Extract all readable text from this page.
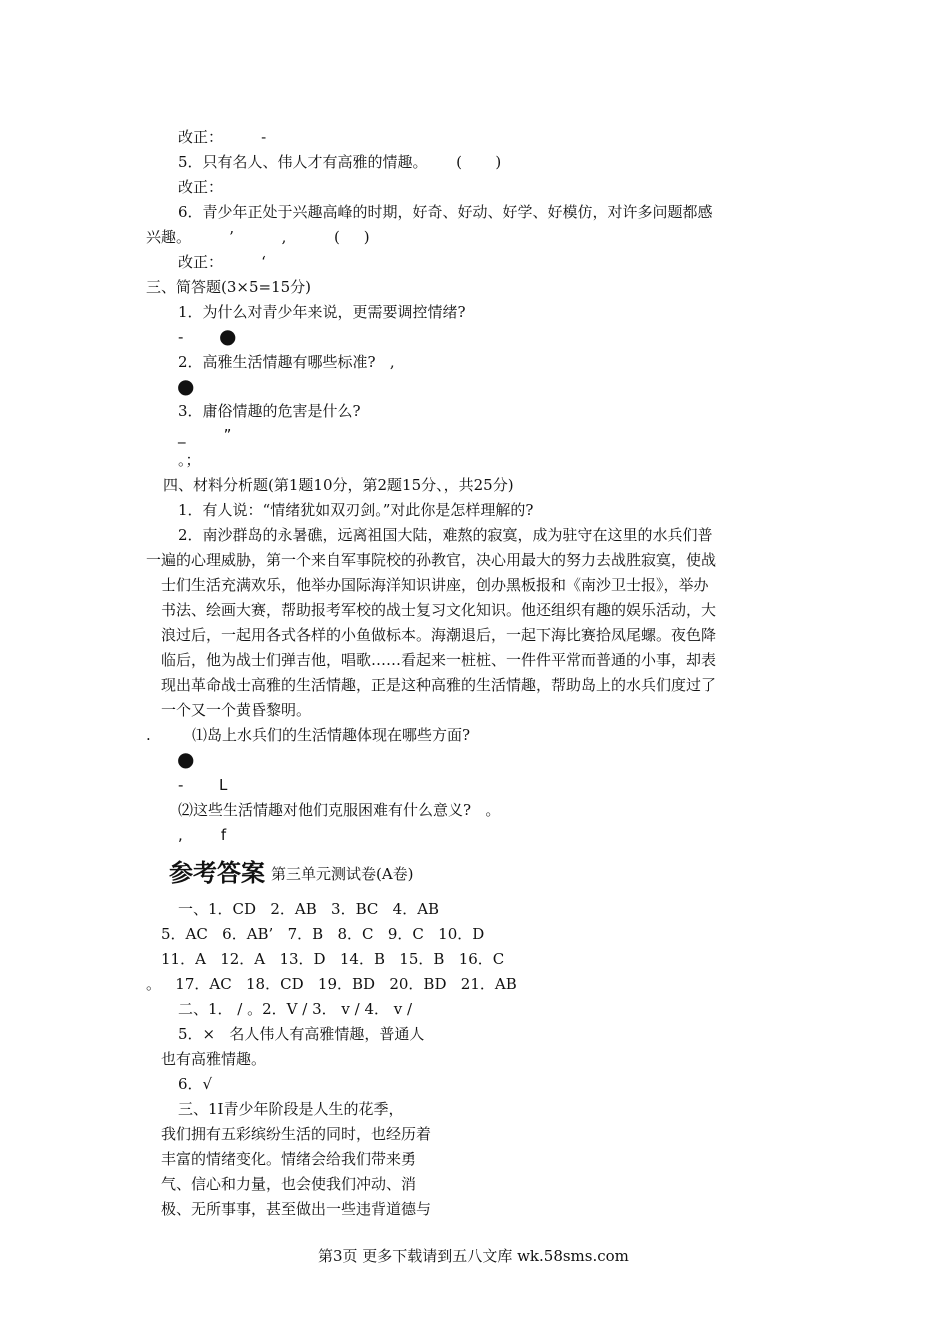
改正：        -
5．只有名人、伟人才有高雅的情趣。      (       )
改正：
6．青少年正处于兴趣高峰的时期，好奇、好动、好学、好模仿，对许多问题都感
兴趣。        ’          ,          (     )
改正：        ‘
三、简答题(3×5=15分)
1．为什么对青少年来说，更需要调控情绪?
- ●
2．高雅生活情趣有哪些标准?   ,
●
3．庸俗情趣的危害是什么?
_        ”
。；
四、材料分析题(第1题10分，第2题15分、，共25分)
1．有人说：“情绪犹如双刃剑。”对此你是怎样理解的?
2．南沙群岛的永暑礁，远离祖国大陆，难熬的寂寞，成为驻守在这里的水兵们普
一遍的心理威胁，第一个来自军事院校的孙教官，决心用最大的努力去战胜寂寞，使战
士们生活充满欢乐，他举办国际海洋知识讲座，创办黑板报和《南沙卫士报》，举办
书法、绘画大赛，帮助报考军校的战士复习文化知识。他还组织有趣的娱乐活动，大
浪过后，一起用各式各样的小鱼做标本。海潮退后，一起下海比赛拾凤尾螺。夜色降
临后，他为战士们弹吉他，唱歌……看起来一桩桩、一件件平常而普通的小事，却表
现出革命战士高雅的生活情趣，正是这种高雅的生活情趣，帮助岛上的水兵们度过了
一个又一个黄昏黎明。
.	⑴岛上水兵们的生活情趣体现在哪些方面?
●
- L
⑵这些生活情趣对他们克服困难有什么意义?   。
,        f
参考答案 第三单元测试卷(A卷)
一、1．CD   2．AB   3．BC   4．AB
5．AC   6．AB’   7．B   8．C   9．C   10．D
11．A   12．A   13．D   14．B   15．B   16．C
。   17．AC   18．CD   19．BD   20．BD   21．AB
二、1． / 。2．V / 3． v / 4． v /
5．×   名人伟人有高雅情趣，普通人
也有高雅情趣。
6．√
三、1I青少年阶段是人生的花季，
我们拥有五彩缤纷生活的同时，也经历着
丰富的情绪变化。情绪会给我们带来勇
气、信心和力量，也会使我们冲动、消
极、无所事事，甚至做出一些违背道德与
第3页 更多下载请到五八文库 wk.58sms.com
